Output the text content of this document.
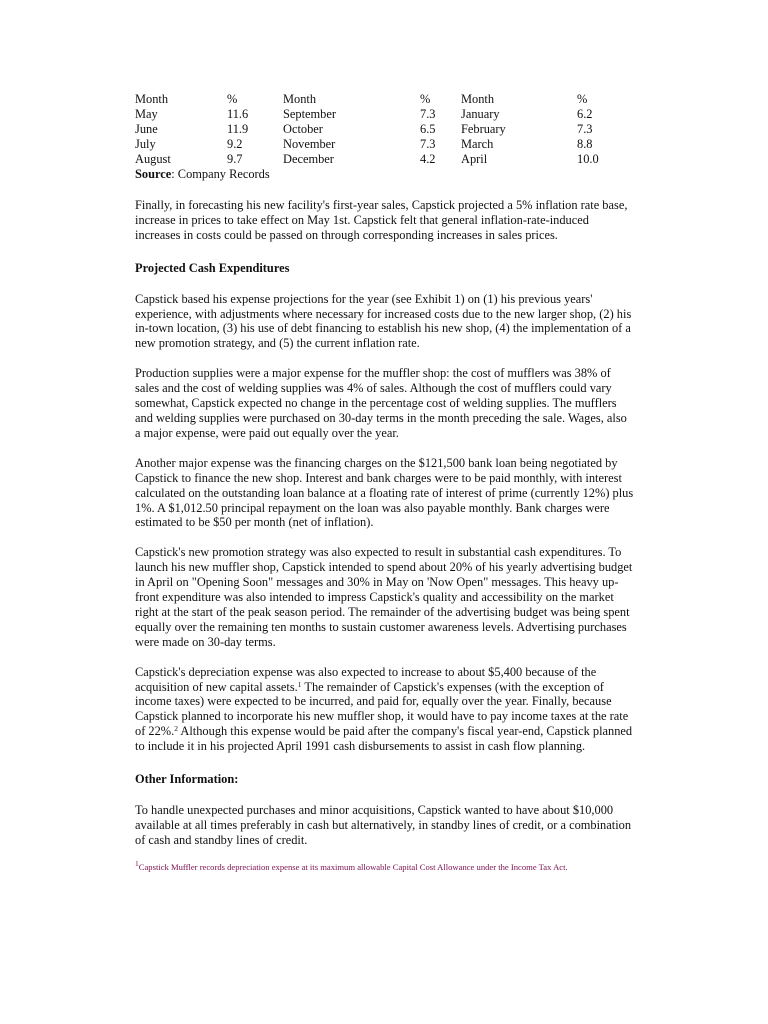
Month
May
June
July
August
%
11.6
11.9
9.2
9.7
Month
September
October
November
December
%
7.3
6.5
7.3
4.2
Month
January
February
March
April
%
6.2
7.3
8.8
10.0
Source: Company Records

Finally, in forecasting his new facility's first-year sales, Capstick projected a 5% inflation rate base, increase in prices to take effect on May 1st. Capstick felt that general inflation-rate-induced increases in costs could be passed on through corresponding increases in sales prices.

Projected Cash Expenditures

Capstick based his expense projections for the year (see Exhibit 1) on (1) his previous years' experience, with adjustments where necessary for increased costs due to the new larger shop, (2) his in-town location, (3) his use of debt financing to establish his new shop, (4) the implementation of a new promotion strategy, and (5) the current inflation rate.

Production supplies were a major expense for the muffler shop: the cost of mufflers was 38% of sales and the cost of welding supplies was 4% of sales. Although the cost of mufflers could vary somewhat, Capstick expected no change in the percentage cost of welding supplies. The mufflers and welding supplies were purchased on 30-day terms in the month preceding the sale. Wages, also a major expense, were paid out equally over the year.

Another major expense was the financing charges on the $121,500 bank loan being negotiated by Capstick to finance the new shop. Interest and bank charges were to be paid monthly, with interest calculated on the outstanding loan balance at a floating rate of interest of prime (currently 12%) plus 1%. A $1,012.50 principal repayment on the loan was also payable monthly. Bank charges were estimated to be $50 per month (net of inflation).

Capstick's new promotion strategy was also expected to result in substantial cash expenditures. To launch his new muffler shop, Capstick intended to spend about 20% of his yearly advertising budget in April on "Opening Soon" messages and 30% in May on 'Now Open" messages. This heavy up-front expenditure was also intended to impress Capstick's quality and accessibility on the market right at the start of the peak season period. The remainder of the advertising budget was being spent equally over the remaining ten months to sustain customer awareness levels. Advertising purchases were made on 30-day terms.

Capstick's depreciation expense was also expected to increase to about $5,400 because of the acquisition of new capital assets.$^1$ The remainder of Capstick's expenses (with the exception of income taxes) were expected to be incurred, and paid for, equally over the year. Finally, because Capstick planned to incorporate his new muffler shop, it would have to pay income taxes at the rate of 22%.$^2$ Although this expense would be paid after the company's fiscal year-end, Capstick planned to include it in his projected April 1991 cash disbursements to assist in cash flow planning.

Other Information:

To handle unexpected purchases and minor acquisitions, Capstick wanted to have about $10,000 available at all times preferably in cash but alternatively, in standby lines of credit, or a combination of cash and standby lines of credit.

$^1$Capstick Muffler records depreciation expense at its maximum allowable Capital Cost Allowance under the Income Tax Act.
